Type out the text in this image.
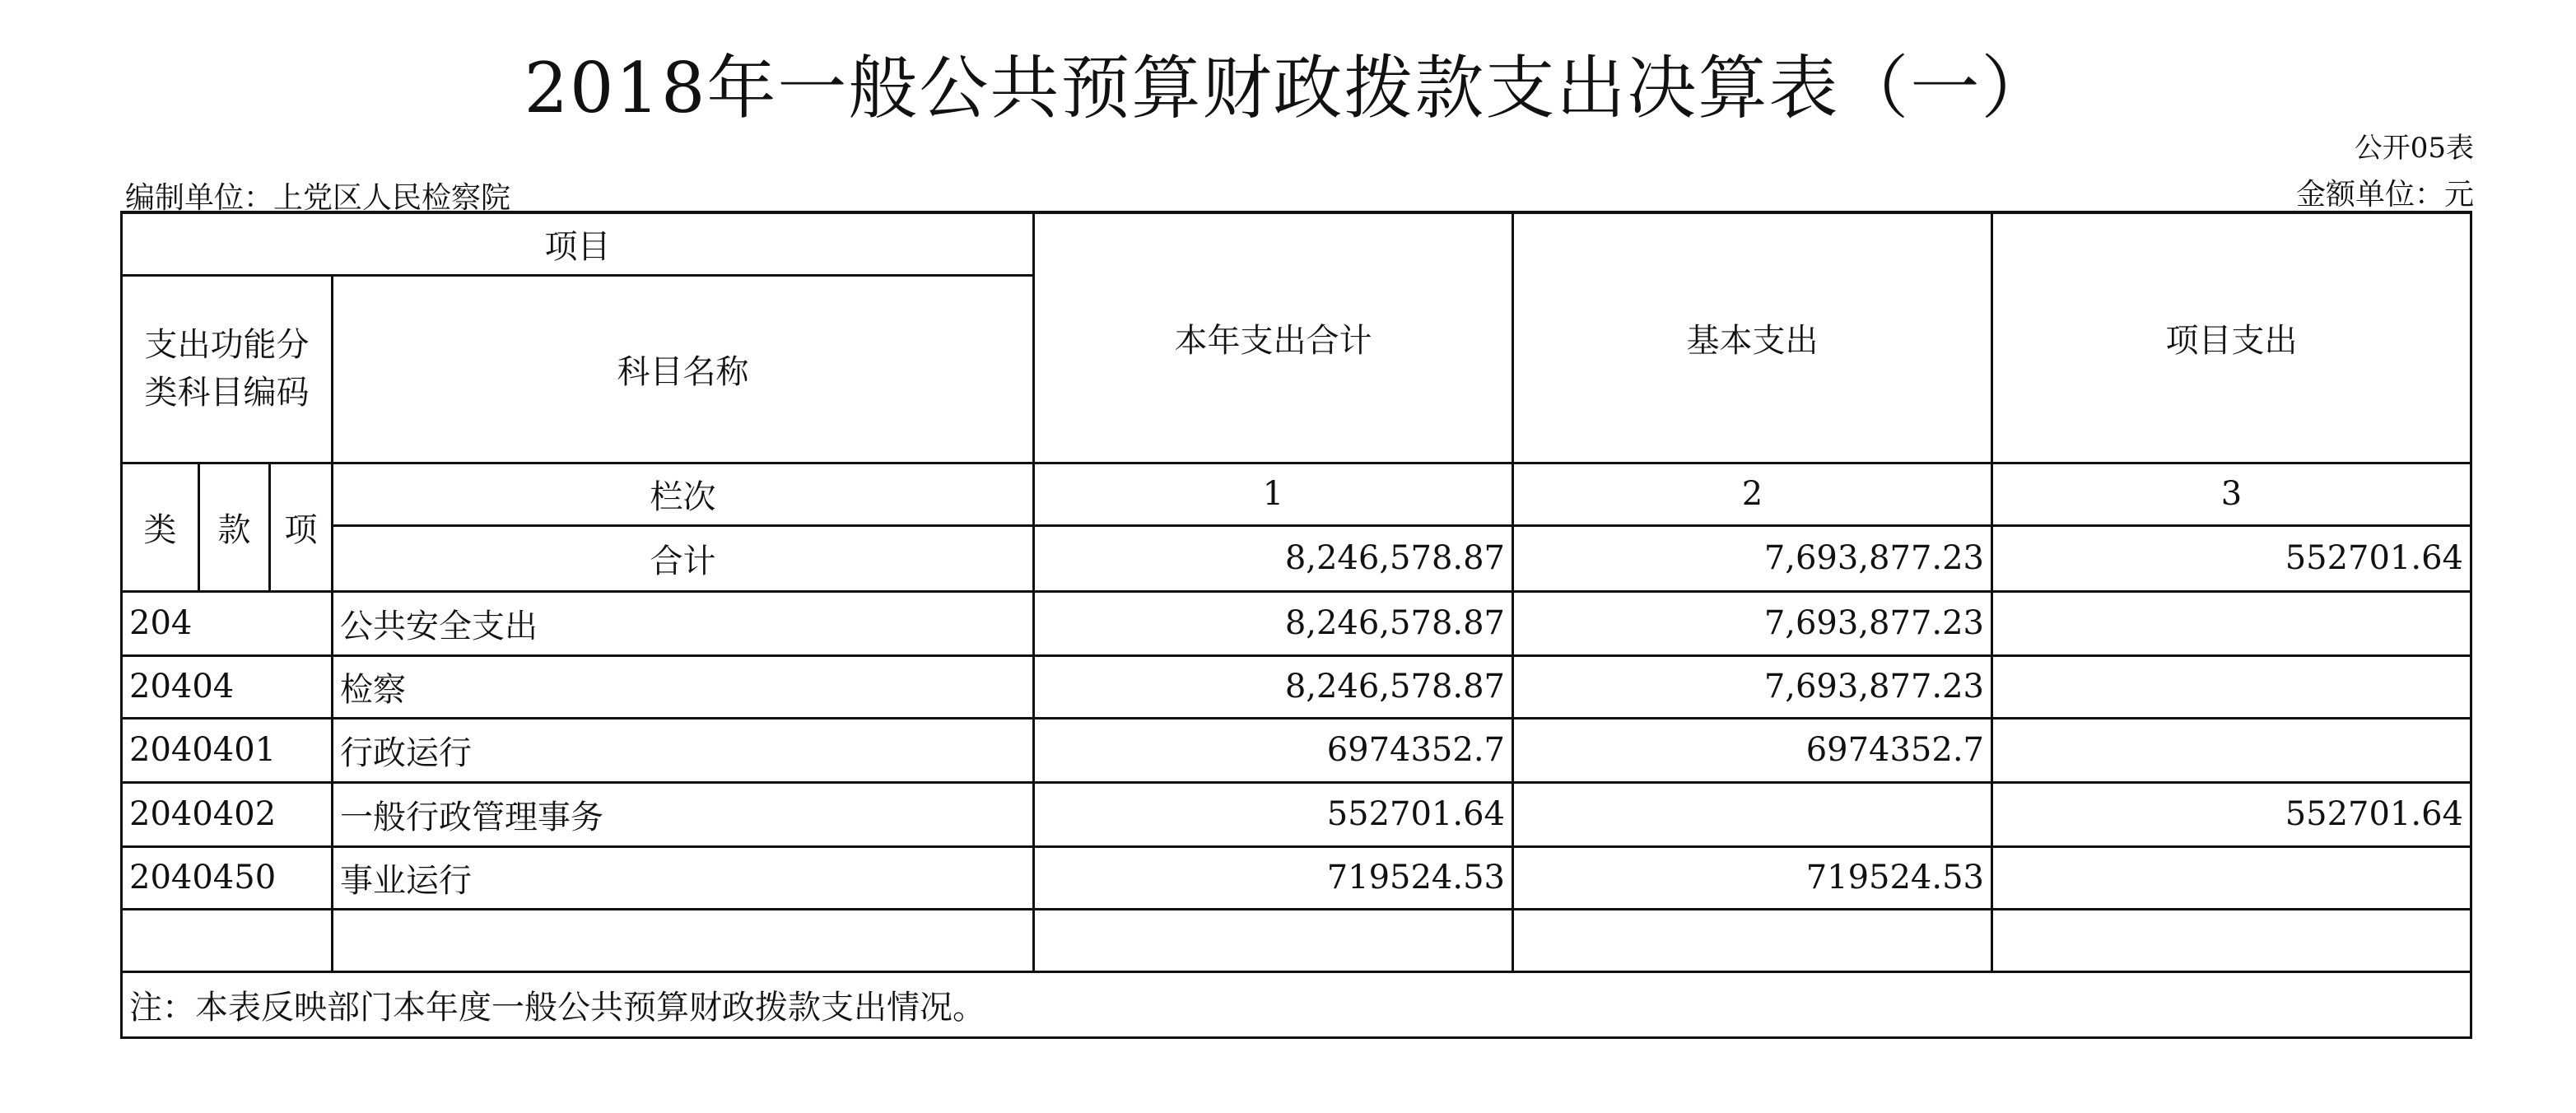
2018年一般公共预算财政拨款支出决算表（一）
公开05表
编制单位：上党区人民检察院	金额单位：元
项目				本年支出合计	基本支出	项目支出
支出功能分类科目编码			科目名称			
类	款	项	栏次	1	2	3
			合计	8,246,578.87	7,693,877.23	552701.64
204			公共安全支出	8,246,578.87	7,693,877.23	
20404			检察	8,246,578.87	7,693,877.23	
2040401			行政运行	6974352.7	6974352.7	
2040402			一般行政管理事务	552701.64		552701.64
2040450			事业运行	719524.53	719524.53	

注：本表反映部门本年度一般公共预算财政拨款支出情况。						
